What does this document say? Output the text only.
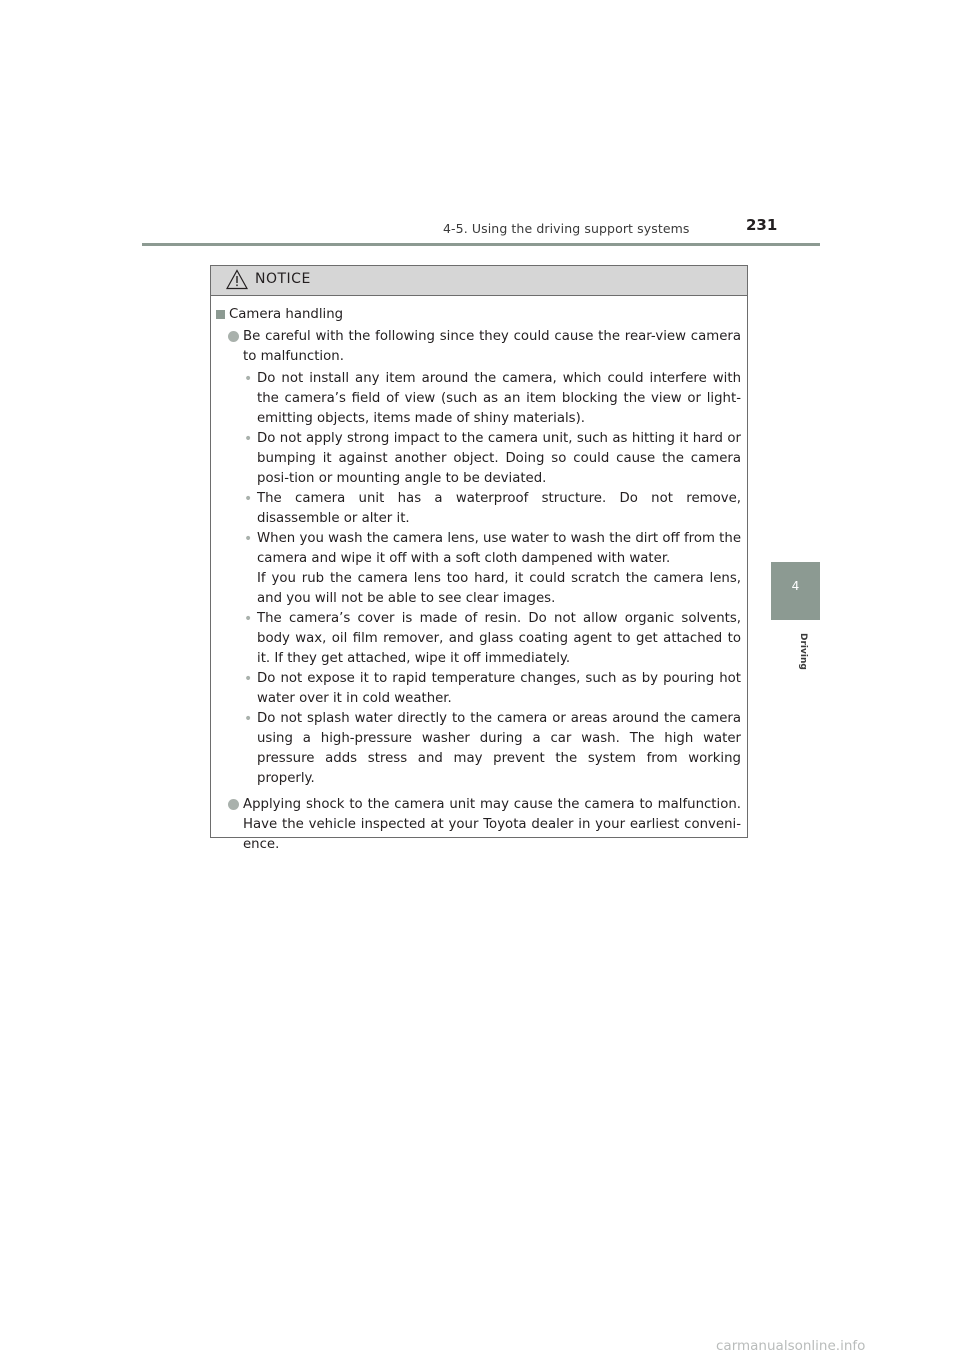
4-5. Using the driving support systems	231
4
Driving
NOTICE
Camera handling
Be careful with the following since they could cause the rear-view camera to malfunction.
• Do not install any item around the camera, which could interfere with the camera’s field of view (such as an item blocking the view or light-emitting objects, items made of shiny materials).
• Do not apply strong impact to the camera unit, such as hitting it hard or bumping it against another object. Doing so could cause the camera posi-tion or mounting angle to be deviated.
• The camera unit has a waterproof structure. Do not remove, disassemble or alter it.
• When you wash the camera lens, use water to wash the dirt off from the camera and wipe it off with a soft cloth dampened with water.
If you rub the camera lens too hard, it could scratch the camera lens, and you will not be able to see clear images.
• The camera’s cover is made of resin. Do not allow organic solvents, body wax, oil film remover, and glass coating agent to get attached to it. If they get attached, wipe it off immediately.
• Do not expose it to rapid temperature changes, such as by pouring hot water over it in cold weather.
• Do not splash water directly to the camera or areas around the camera using a high-pressure washer during a car wash. The high water pressure adds stress and may prevent the system from working properly.
Applying shock to the camera unit may cause the camera to malfunction. Have the vehicle inspected at your Toyota dealer in your earliest conveni-ence.
carmanualsonline.info
